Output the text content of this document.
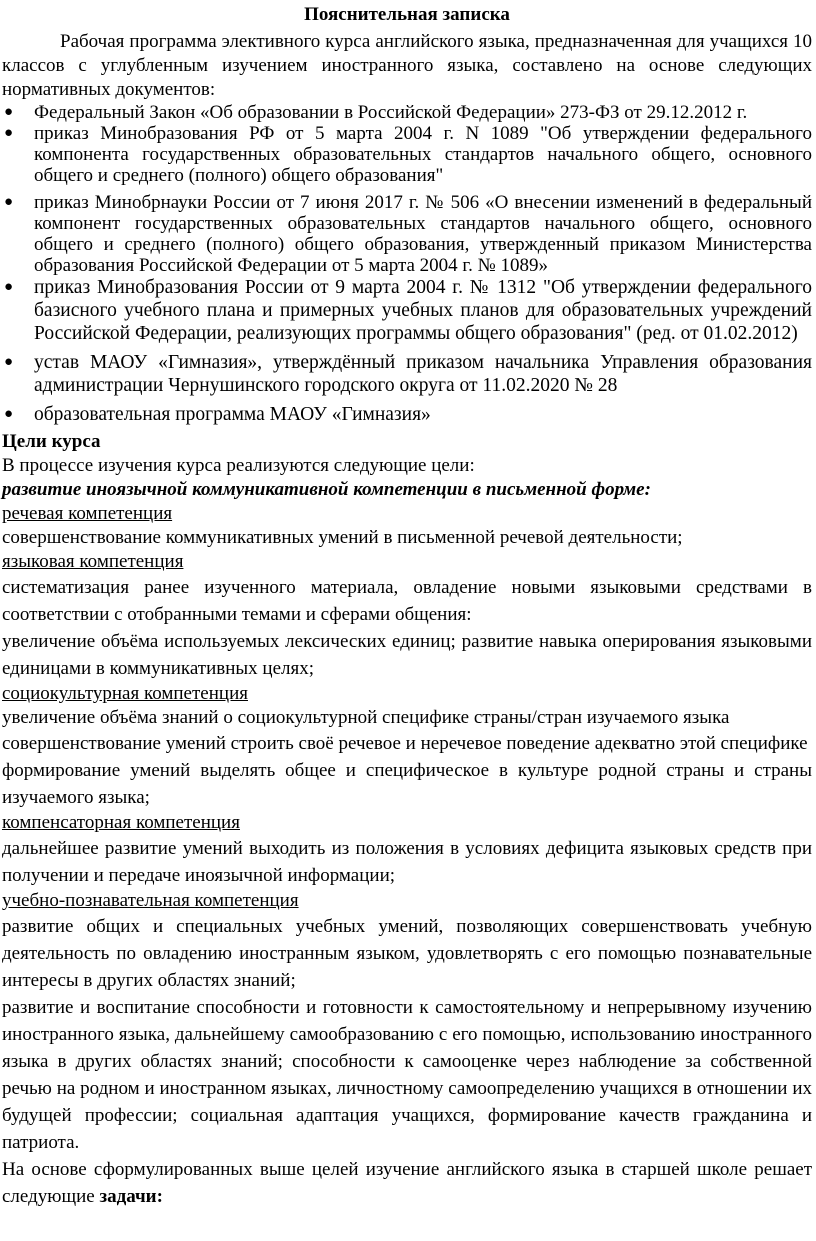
Пояснительная записка
Рабочая программа элективного курса английского языка, предназначенная для учащихся 10 классов с углубленным изучением иностранного языка, составлено на основе следующих нормативных документов:
● Федеральный Закон «Об образовании в Российской Федерации» 273-ФЗ от 29.12.2012 г.
● приказ Минобразования РФ от 5 марта 2004 г. N 1089 "Об утверждении федерального компонента государственных образовательных стандартов начального общего, основного общего и среднего (полного) общего образования"
● приказ Минобрнауки России от 7 июня 2017 г. № 506 «О внесении изменений в федеральный компонент государственных образовательных стандартов начального общего, основного общего и среднего (полного) общего образования, утвержденный приказом Министерства образования Российской Федерации от 5 марта 2004 г. № 1089»
● приказ Минобразования России от 9 марта 2004 г. № 1312 "Об утверждении федерального базисного учебного плана и примерных учебных планов для образовательных учреждений Российской Федерации, реализующих программы общего образования" (ред. от 01.02.2012)
● устав МАОУ «Гимназия», утверждённый приказом начальника Управления образования администрации Чернушинского городского округа от 11.02.2020 № 28
● образовательная программа МАОУ «Гимназия»
Цели курса

В процессе изучения курса реализуются следующие цели:

развитие иноязычной коммуникативной компетенции в письменной форме:

речевая компетенция

совершенствование коммуникативных умений в письменной речевой деятельности;

языковая компетенция

систематизация ранее изученного материала, овладение новыми языковыми средствами в соответствии с отобранными темами и сферами общения:

увеличение объёма используемых лексических единиц; развитие навыка оперирования языковыми единицами в коммуникативных целях;

социокультурная компетенция

увеличение объёма знаний о социокультурной специфике страны/стран изучаемого языка

совершенствование умений строить своё речевое и неречевое поведение адекватно этой специфике

формирование умений выделять общее и специфическое в культуре родной страны и страны изучаемого языка;

компенсаторная компетенция

дальнейшее развитие умений выходить из положения в условиях дефицита языковых средств при получении и передаче иноязычной информации;

учебно-познавательная компетенция

развитие общих и специальных учебных умений, позволяющих совершенствовать учебную деятельность по овладению иностранным языком, удовлетворять с его помощью познавательные интересы в других областях знаний;

развитие и воспитание способности и готовности к самостоятельному и непрерывному изучению иностранного языка, дальнейшему самообразованию с его помощью, использованию иностранного языка в других областях знаний; способности к самооценке через наблюдение за собственной речью на родном и иностранном языках, личностному самоопределению учащихся в отношении их будущей профессии; социальная адаптация учащихся, формирование качеств гражданина и патриота.

На основе сформулированных выше целей изучение английского языка в старшей школе решает следующие задачи:
